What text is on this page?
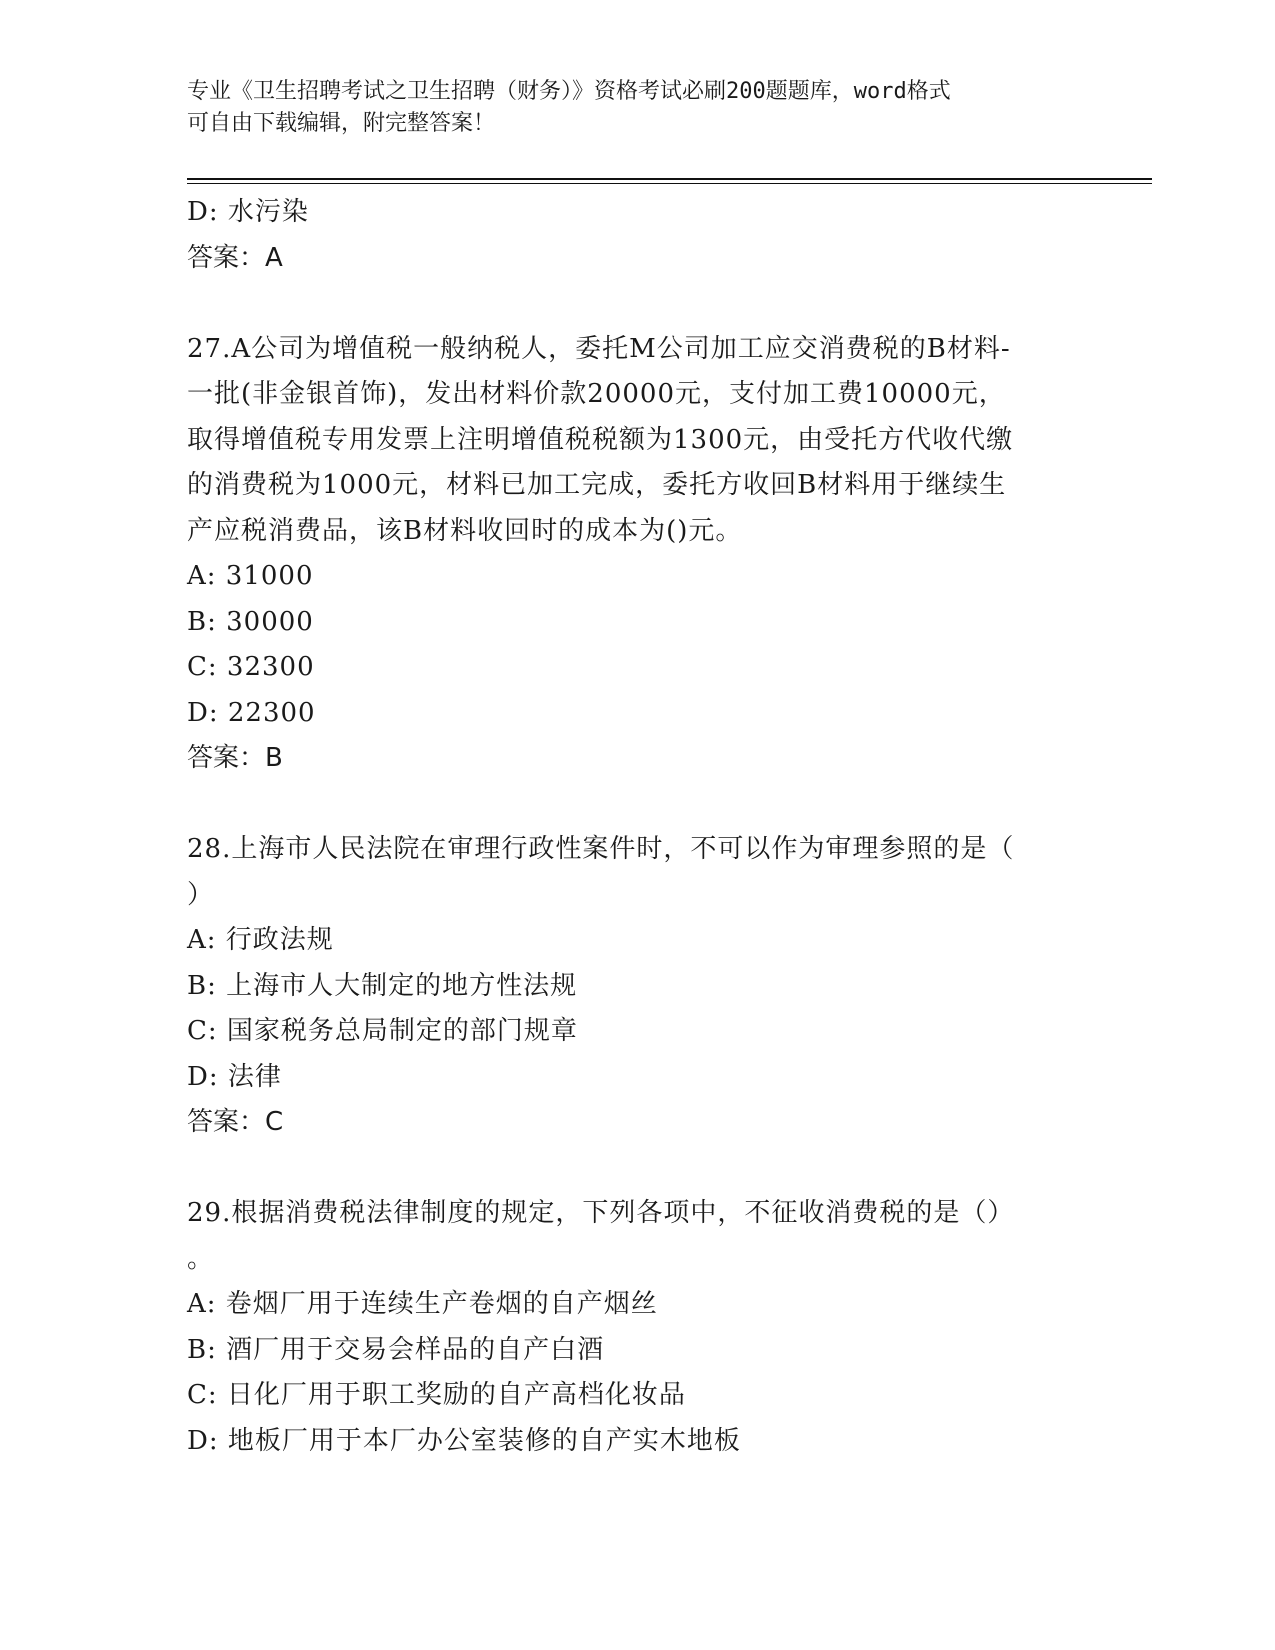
专业《卫生招聘考试之卫生招聘（财务）》资格考试必刷200题题库，word格式
可自由下载编辑，附完整答案！
D: 水污染
答案：A
27.A公司为增值税一般纳税人，委托M公司加工应交消费税的B材料-
一批(非金银首饰)，发出材料价款20000元，支付加工费10000元，
取得增值税专用发票上注明增值税税额为1300元，由受托方代收代缴
的消费税为1000元，材料已加工完成，委托方收回B材料用于继续生
产应税消费品，该B材料收回时的成本为()元。
A: 31000
B: 30000
C: 32300
D: 22300
答案：B
28.上海市人民法院在审理行政性案件时，不可以作为审理参照的是（
）
A: 行政法规
B: 上海市人大制定的地方性法规
C: 国家税务总局制定的部门规章
D: 法律
答案：C
29.根据消费税法律制度的规定，下列各项中，不征收消费税的是（）
。
A: 卷烟厂用于连续生产卷烟的自产烟丝
B: 酒厂用于交易会样品的自产白酒
C: 日化厂用于职工奖励的自产高档化妆品
D: 地板厂用于本厂办公室装修的自产实木地板
